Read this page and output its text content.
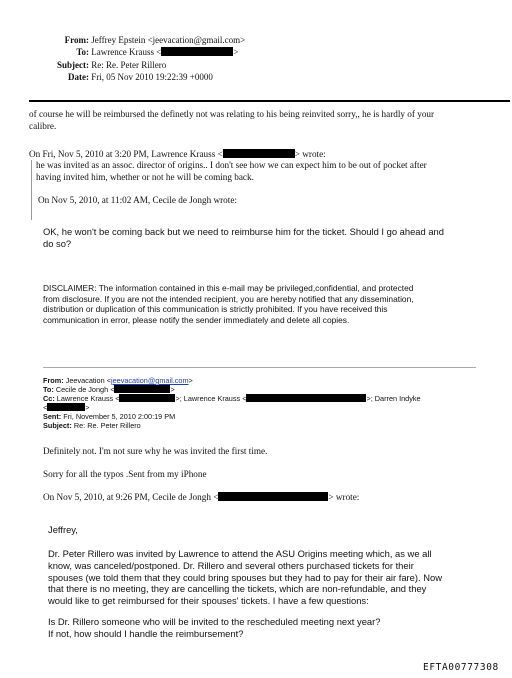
From: Jeffrey Epstein <jeevacation@gmail.com>
To: Lawrence Krauss <	>
Subject: Re: Re. Peter Rillero
Date: Fri, 05 Nov 2010 19:22:39 +0000
of course he will be reimbursed the definetly not was relating to his being reinvited sorry,, he is hardly of your
calibre.
On Fri, Nov 5, 2010 at 3:20 PM, Lawrence Krauss <	> wrote:
he was invited as an assoc. director of origins.. I don't see how we can expect him to be out of pocket after
having invited him, whether or not he will be coming back.
On Nov 5, 2010, at 11:02 AM, Cecile de Jongh wrote:
OK, he won't be coming back but we need to reimburse him for the ticket. Should I go ahead and
do so?
DISCLAIMER: The information contained in this e-mail may be privileged,confidential, and protected
from disclosure. If you are not the intended recipient, you are hereby notified that any dissemination,
distribution or duplication of this communication is strictly prohibited. If you have received this
communication in error, please notify the sender immediately and delete all copies.
From: Jeevacation <jeevacation@gmail.com>
To: Cecile de Jongh <	>
Cc: Lawrence Krauss <	>; Lawrence Krauss <	>; Darren Indyke
<	>
Sent: Fri, November 5, 2010 2:00:19 PM
Subject: Re: Re. Peter Rillero
Definitely not. I'm not sure why he was invited the first time.
Sorry for all the typos .Sent from my iPhone
On Nov 5, 2010, at 9:26 PM, Cecile de Jongh <	> wrote:
Jeffrey,
Dr. Peter Rillero was invited by Lawrence to attend the ASU Origins meeting which, as we all
know, was canceled/postponed. Dr. Rillero and several others purchased tickets for their
spouses (we told them that they could bring spouses but they had to pay for their air fare). Now
that there is no meeting, they are cancelling the tickets, which are non-refundable, and they
would like to get reimbursed for their spouses' tickets. I have a few questions:
Is Dr. Rillero someone who will be invited to the rescheduled meeting next year?
If not, how should I handle the reimbursement?
EFTA00777308
